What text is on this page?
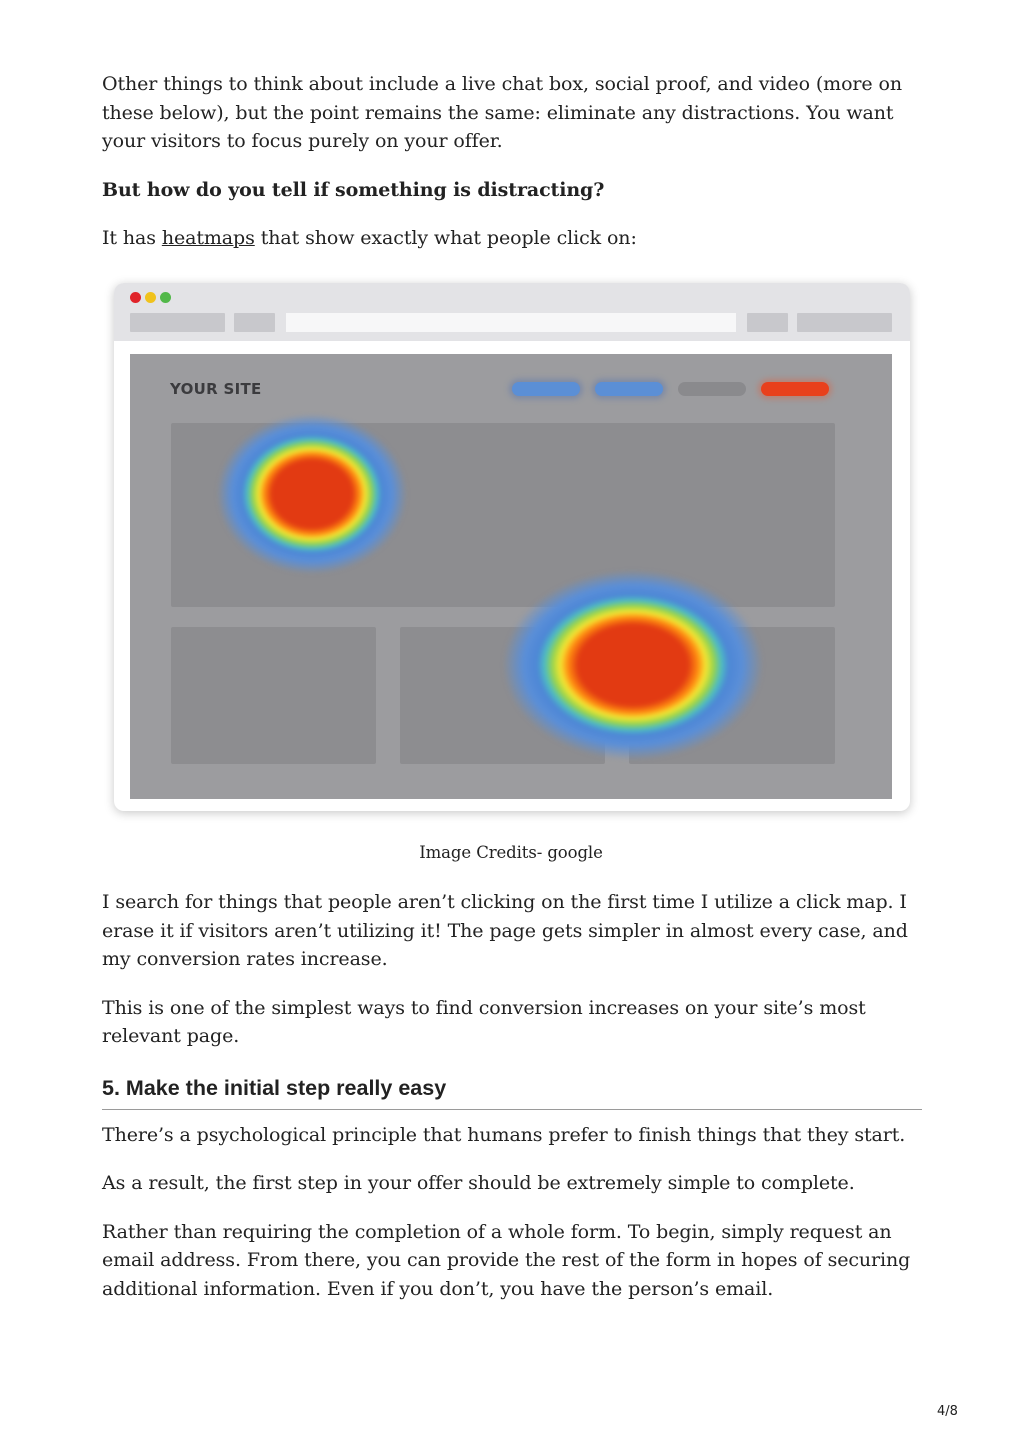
Other things to think about include a live chat box, social proof, and video (more on these below), but the point remains the same: eliminate any distractions. You want your visitors to focus purely on your offer.

But how do you tell if something is distracting?

It has heatmaps that show exactly what people click on:

YOUR SITE

Image Credits- google

I search for things that people aren’t clicking on the first time I utilize a click map. I erase it if visitors aren’t utilizing it! The page gets simpler in almost every case, and my conversion rates increase.

This is one of the simplest ways to find conversion increases on your site’s most relevant page.

5. Make the initial step really easy

There’s a psychological principle that humans prefer to finish things that they start.

As a result, the first step in your offer should be extremely simple to complete.

Rather than requiring the completion of a whole form. To begin, simply request an email address. From there, you can provide the rest of the form in hopes of securing additional information. Even if you don’t, you have the person’s email.

4/8
